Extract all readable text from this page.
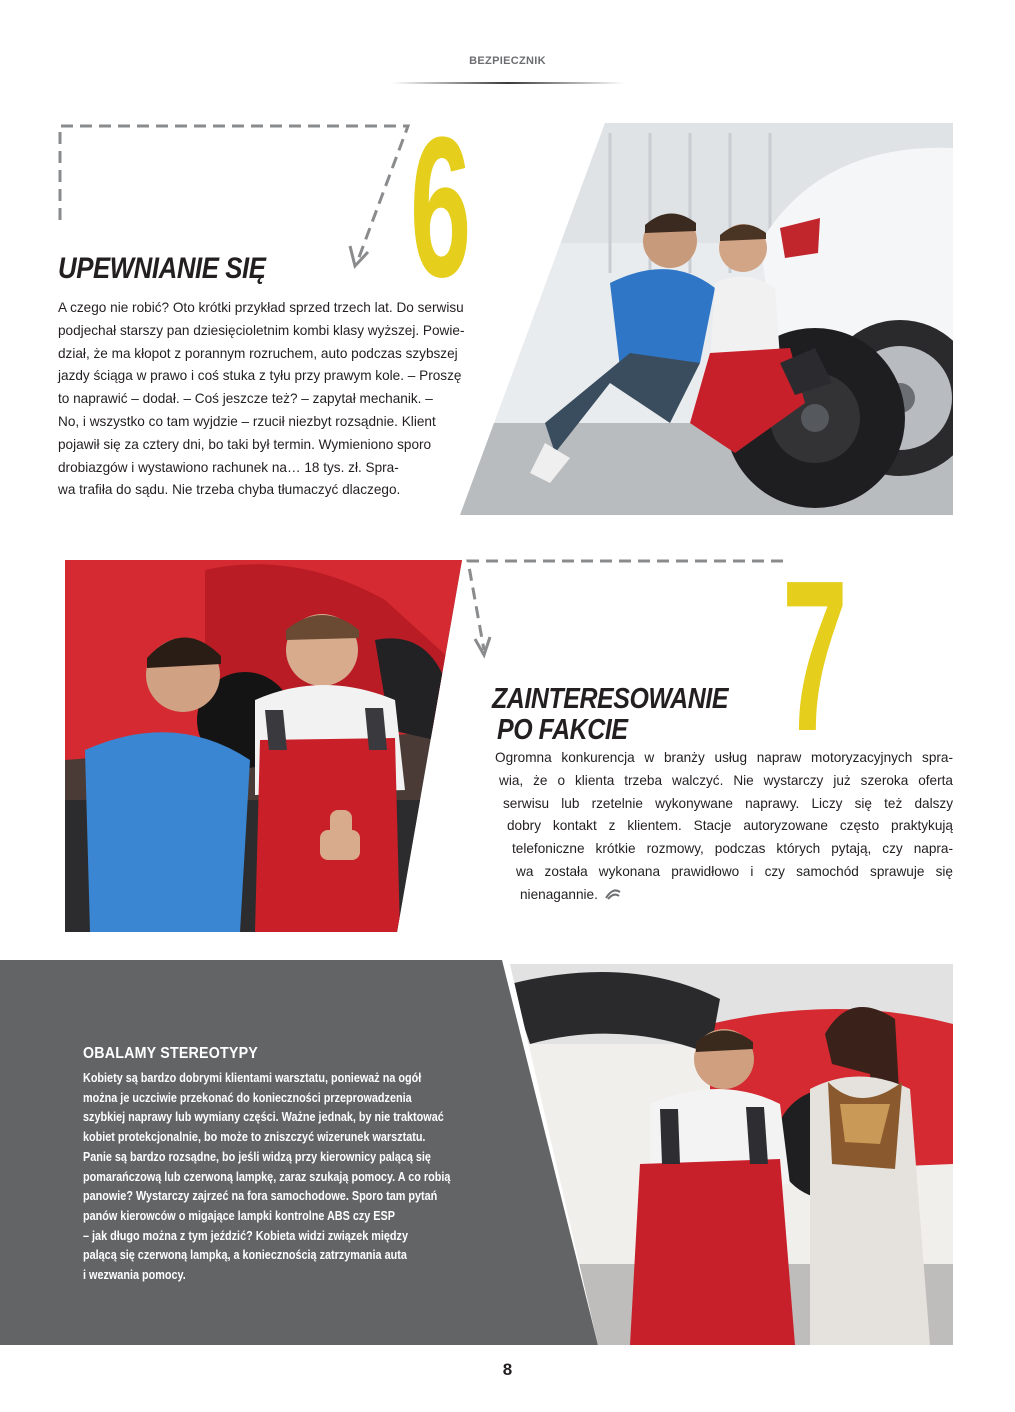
BEZPIECZNIK
6
UPEWNIANIE SIĘ

A czego nie robić? Oto krótki przykład sprzed trzech lat. Do serwisu

podjechał starszy pan dziesięcioletnim kombi klasy wyższej. Powie-

dział, że ma kłopot z porannym rozruchem, auto podczas szybszej

jazdy ściąga w prawo i coś stuka z tyłu przy prawym kole. – Proszę

to naprawić – dodał. – Coś jeszcze też? – zapytał mechanik. –

No, i wszystko co tam wyjdzie – rzucił niezbyt rozsądnie. Klient

pojawił się za cztery dni, bo taki był termin. Wymieniono sporo

drobiazgów i wystawiono rachunek na… 18 tys. zł. Spra-

wa trafiła do sądu. Nie trzeba chyba tłumaczyć dlaczego.

7
ZAINTERESOWANIE
PO FAKCIE

Ogromna konkurencja w branży usług napraw motoryzacyjnych spra-

wia, że o klienta trzeba walczyć. Nie wystarczy już szeroka oferta

serwisu lub rzetelnie wykonywane naprawy. Liczy się też dalszy

dobry kontakt z klientem. Stacje autoryzowane często praktykują

telefoniczne krótkie rozmowy, podczas których pytają, czy napra-

wa została wykonana prawidłowo i czy samochód sprawuje się

nienagannie.

OBALAMY STEREOTYPY

Kobiety są bardzo dobrymi klientami warsztatu, ponieważ na ogół

można je uczciwie przekonać do konieczności przeprowadzenia

szybkiej naprawy lub wymiany części. Ważne jednak, by nie traktować

kobiet protekcjonalnie, bo może to zniszczyć wizerunek warsztatu.

Panie są bardzo rozsądne, bo jeśli widzą przy kierownicy palącą się

pomarańczową lub czerwoną lampkę, zaraz szukają pomocy. A co robią

panowie? Wystarczy zajrzeć na fora samochodowe. Sporo tam pytań

panów kierowców o migające lampki kontrolne ABS czy ESP

– jak długo można z tym jeździć? Kobieta widzi związek między

palącą się czerwoną lampką, a koniecznością zatrzymania auta

i wezwania pomocy.

8
